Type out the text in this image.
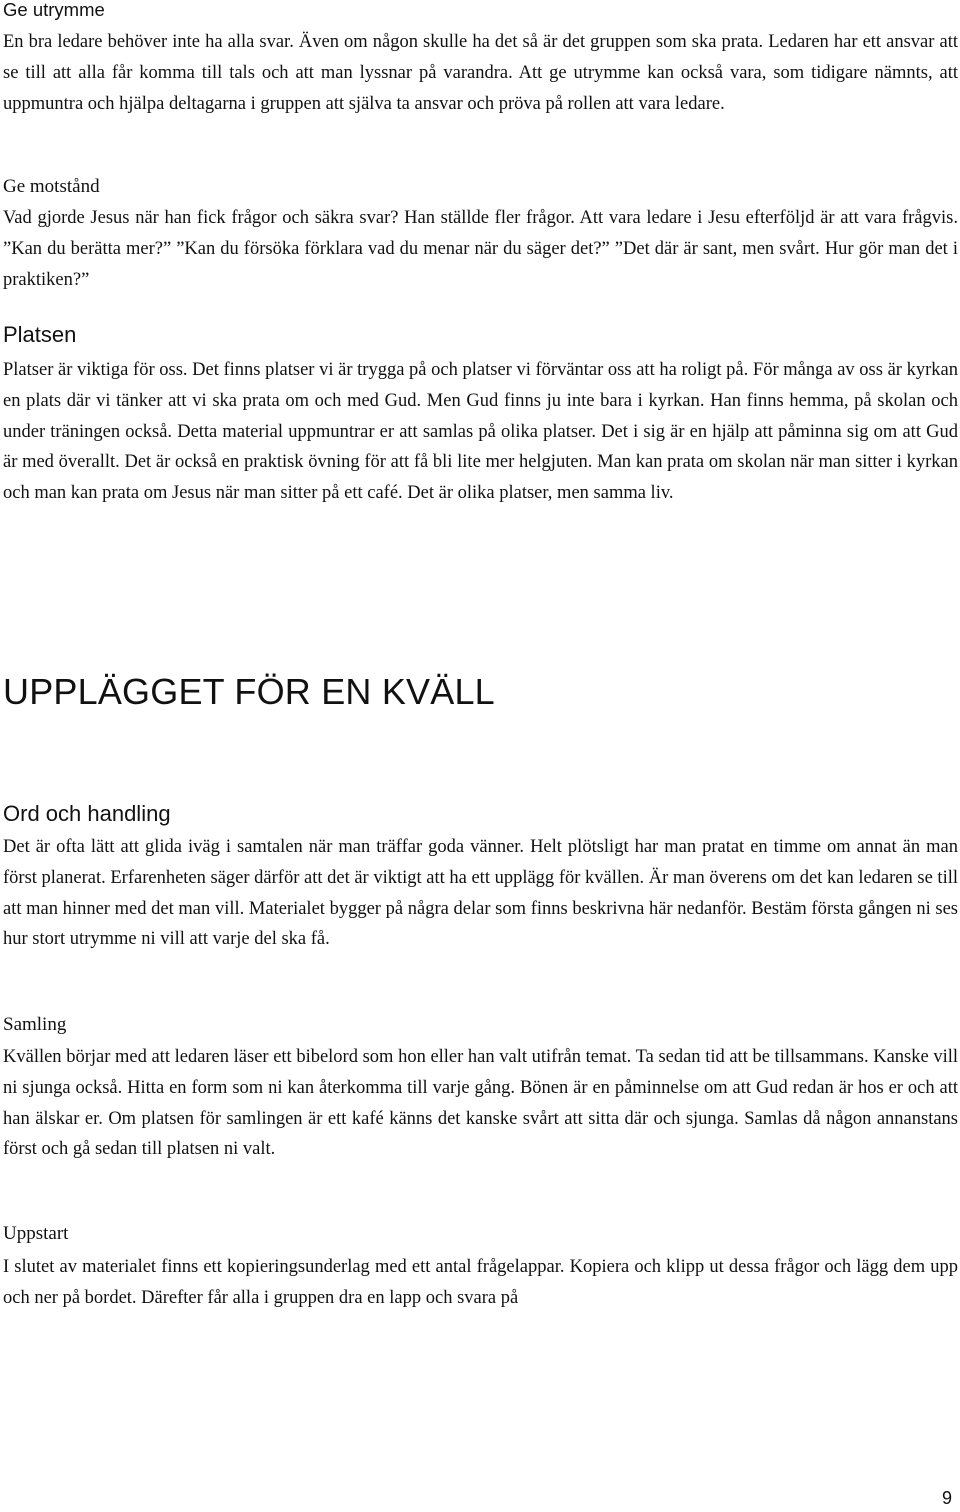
Ge utrymme

En bra ledare behöver inte ha alla svar. Även om någon skulle ha det så är det gruppen som ska prata. Ledaren har ett ansvar att se till att alla får komma till tals och att man lyssnar på varandra. Att ge utrymme kan också vara, som tidigare nämnts, att uppmuntra och hjälpa deltagarna i gruppen att själva ta ansvar och pröva på rollen att vara ledare.

Ge motstånd

Vad gjorde Jesus när han fick frågor och säkra svar? Han ställde fler frågor. Att vara ledare i Jesu efterföljd är att vara frågvis. ”Kan du berätta mer?” ”Kan du försöka förklara vad du menar när du säger det?” ”Det där är sant, men svårt. Hur gör man det i praktiken?”

Platsen

Platser är viktiga för oss. Det finns platser vi är trygga på och platser vi förväntar oss att ha roligt på. För många av oss är kyrkan en plats där vi tänker att vi ska prata om och med Gud. Men Gud finns ju inte bara i kyrkan. Han finns hemma, på skolan och under träningen också. Detta material uppmuntrar er att samlas på olika platser. Det i sig är en hjälp att påminna sig om att Gud är med överallt. Det är också en praktisk övning för att få bli lite mer helgjuten. Man kan prata om skolan när man sitter i kyrkan och man kan prata om Jesus när man sitter på ett café. Det är olika platser, men samma liv.

UPPLÄGGET FÖR EN KVÄLL
Ord och handling

Det är ofta lätt att glida iväg i samtalen när man träffar goda vänner. Helt plötsligt har man pratat en timme om annat än man först planerat. Erfarenheten säger därför att det är viktigt att ha ett upplägg för kvällen. Är man överens om det kan ledaren se till att man hinner med det man vill. Materialet bygger på några delar som finns beskrivna här nedanför. Bestäm första gången ni ses hur stort utrymme ni vill att varje del ska få.

Samling

Kvällen börjar med att ledaren läser ett bibelord som hon eller han valt utifrån temat. Ta sedan tid att be tillsammans. Kanske vill ni sjunga också. Hitta en form som ni kan återkomma till varje gång. Bönen är en påminnelse om att Gud redan är hos er och att han älskar er. Om platsen för samlingen är ett kafé känns det kanske svårt att sitta där och sjunga. Samlas då någon annanstans först och gå sedan till platsen ni valt.

Uppstart

I slutet av materialet finns ett kopieringsunderlag med ett antal frågelappar. Kopiera och klipp ut dessa frågor och lägg dem upp och ner på bordet. Därefter får alla i gruppen dra en lapp och svara på

9
